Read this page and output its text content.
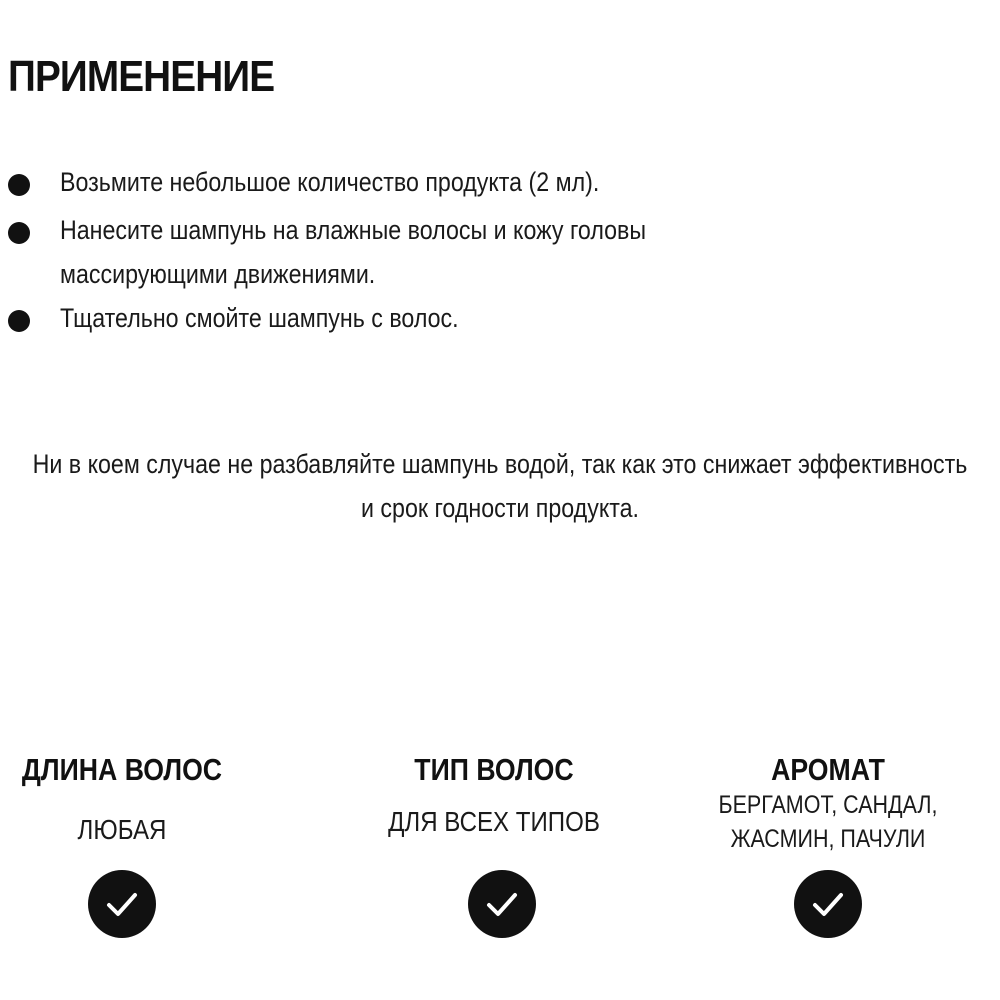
ПРИМЕНЕНИЕ
Возьмите небольшое количество продукта (2 мл).
Нанесите шампунь на влажные волосы и кожу головы массирующими движениями.
Тщательно смойте шампунь с волос.
Ни в коем случае не разбавляйте шампунь водой, так как это снижает эффективность и срок годности продукта.
ДЛИНА ВОЛОС
ЛЮБАЯ
ТИП ВОЛОС
ДЛЯ ВСЕХ ТИПОВ
АРОМАТ
БЕРГАМОТ, САНДАЛ,
ЖАСМИН, ПАЧУЛИ
